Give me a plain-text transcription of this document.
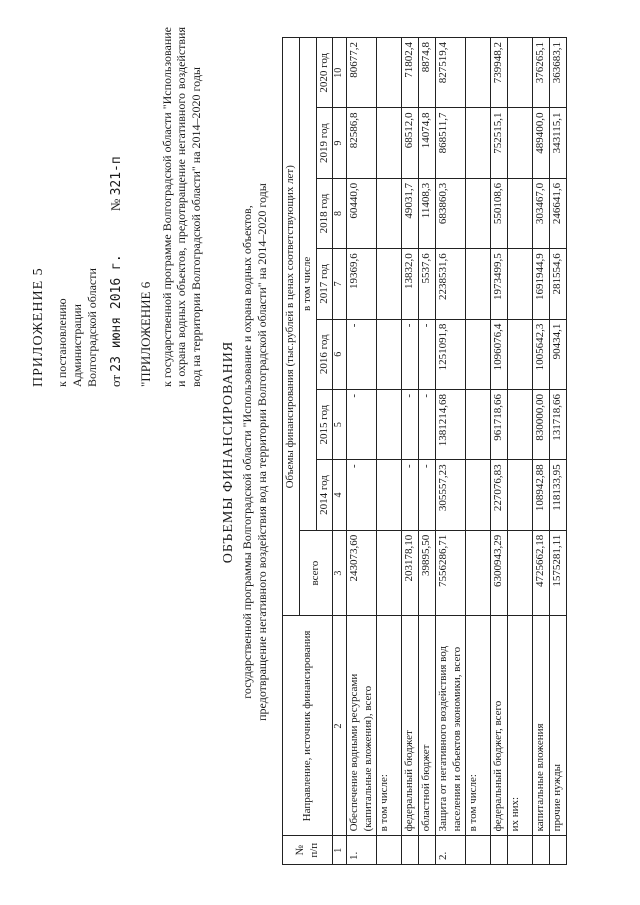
ПРИЛОЖЕНИЕ 5 к постановлению Администрации Волгоградской области от 23 июня 2016 г. № 321-п
"ПРИЛОЖЕНИЕ 6 к государственной программе Волгоградской области "Использование и охрана водных объектов, предотвращение негативного воздействия вод на территории Волгоградской области" на 2014–2020 годы
ОБЪЕМЫ ФИНАНСИРОВАНИЯ государственной программы Волгоградской области "Использование и охрана водных объектов, предотвращение негативного воздействия вод на территории Волгоградской области" на 2014–2020 годы
№ п/п	Направление, источник финансирования	Объемы финансирования (тыс.рублей в ценах соответствующих лет)							
		всего	в том числе						
			2014 год	2015 год	2016 год	2017 год	2018 год	2019 год	2020 год
1	2	3	4	5	6	7	8	9	10
1.	Обеспечение водными ресурсами (капитальные вложения), всего	243073,60	-	-	-	19369,6	60440,0	82586,8	80677,2
	в том числе:								
	федеральный бюджет	203178,10	-	-	-	13832,0	49031,7	68512,0	71802,4
	областной бюджет	39895,50	-	-	-	5537,6	11408,3	14074,8	8874,8
2.	Защита от негативного воздействия вод населения и объектов экономики, всего	7556286,71	305557,23	1381214,68	1251091,8	2238531,6	683860,3	868511,7	827519,4
	в том числе:								
	федеральный бюджет, всего	6300943,29	227076,83	961718,66	1096076,4	1973499,5	550108,6	752515,1	739948,2
	их них:								
	капитальные вложения	4725662,18	108942,88	830000,00	1005642,3	1691944,9	303467,0	489400,0	376265,1
	прочие нужды	1575281,11	118133,95	131718,66	90434,1	281554,6	246641,6	343115,1	363683,1
